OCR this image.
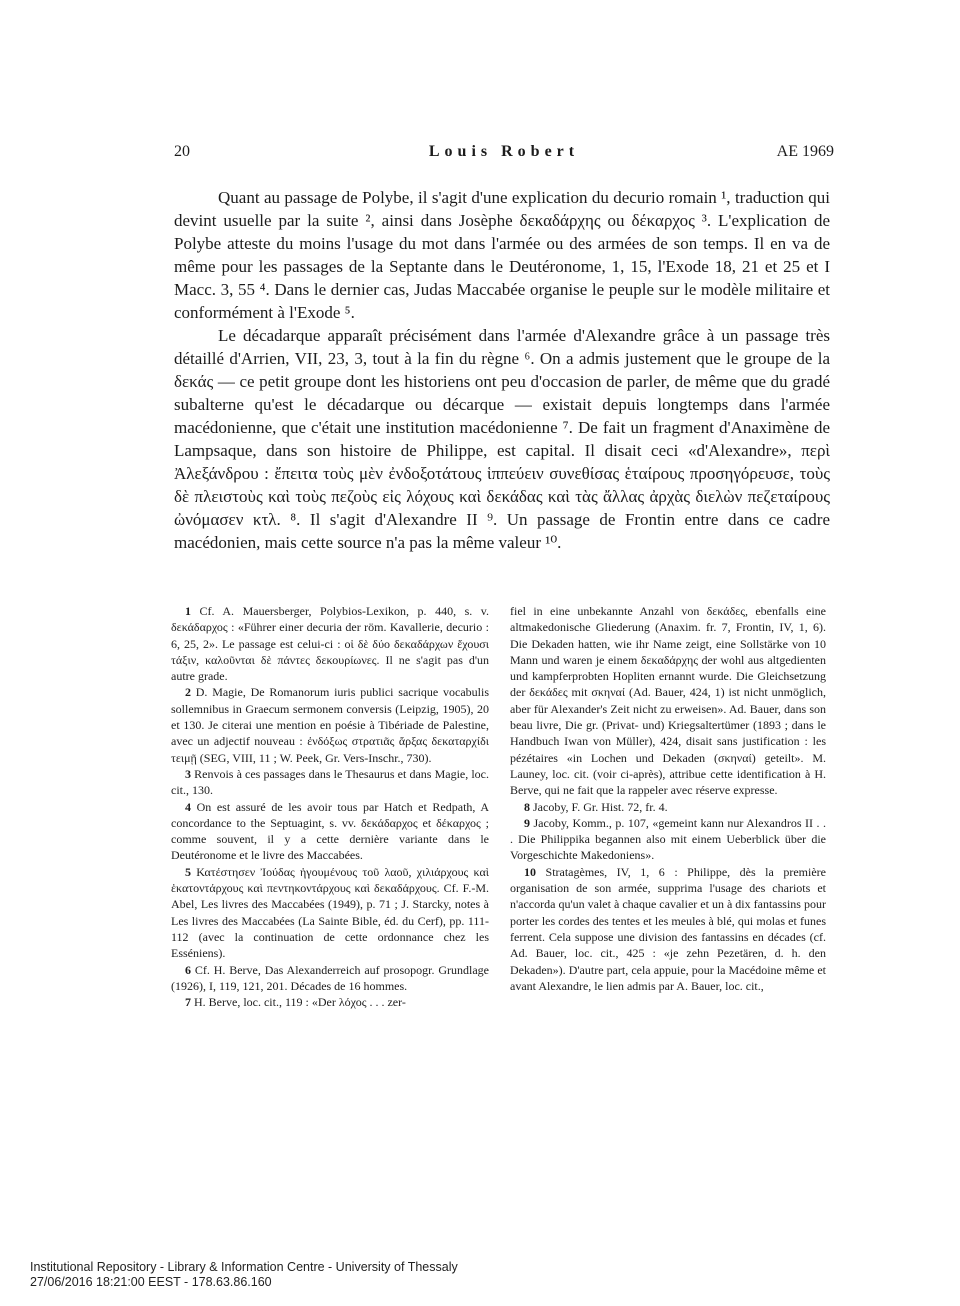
20	Louis Robert	AE 1969

Quant au passage de Polybe, il s'agit d'une explication du decurio romain ¹, traduction qui devint usuelle par la suite ², ainsi dans Josèphe δεκαδάρχης ou δέκαρχος ³. L'explication de Polybe atteste du moins l'usage du mot dans l'armée ou des armées de son temps. Il en va de même pour les passages de la Septante dans le Deutéronome, 1, 15, l'Exode 18, 21 et 25 et I Macc. 3, 55 ⁴. Dans le dernier cas, Judas Maccabée organise le peuple sur le modèle militaire et conformément à l'Exode ⁵.

Le décadarque apparaît précisément dans l'armée d'Alexandre grâce à un passage très détaillé d'Arrien, VII, 23, 3, tout à la fin du règne ⁶. On a admis justement que le groupe de la δεκάς — ce petit groupe dont les historiens ont peu d'occasion de parler, de même que du gradé subalterne qu'est le décadarque ou décarque — existait depuis longtemps dans l'armée macédonienne, que c'était une institution macédonienne ⁷. De fait un fragment d'Anaximène de Lampsaque, dans son histoire de Philippe, est capital. Il disait ceci «d'Alexandre», περὶ Ἀλεξάνδρου : ἔπειτα τοὺς μὲν ἐνδοξοτάτους ἱππεύειν συνεθίσας ἑταίρους προσηγόρευσε, τοὺς δὲ πλειστοὺς καὶ τοὺς πεζοὺς εἰς λόχους καὶ δεκάδας καὶ τὰς ἄλλας ἀρχὰς διελὼν πεζεταίρους ὠνόμασεν κτλ. ⁸. Il s'agit d'Alexandre II ⁹. Un passage de Frontin entre dans ce cadre macédonien, mais cette source n'a pas la même valeur ¹⁰.

1 Cf. A. Mauersberger, Polybios-Lexikon, p. 440, s. v. δεκάδαρχος : «Führer einer decuria der röm. Kavallerie, decurio : 6, 25, 2». Le passage est celui-ci : οἱ δὲ δύο δεκαδάρχων ἔχουσι τάξιν, καλοῦνται δὲ πάντες δεκουρίωνες. Il ne s'agit pas d'un autre grade.

2 D. Magie, De Romanorum iuris publici sacrique vocabulis sollemnibus in Graecum sermonem conversis (Leipzig, 1905), 20 et 130. Je citerai une mention en poésie à Tibériade de Palestine, avec un adjectif nouveau : ἐνδόξως στρατιᾶς ἄρξας δεκαταρχίδι τειμῇ (SEG, VIII, 11 ; W. Peek, Gr. Vers-Inschr., 730).

3 Renvois à ces passages dans le Thesaurus et dans Magie, loc. cit., 130.

4 On est assuré de les avoir tous par Hatch et Redpath, A concordance to the Septuagint, s. vv. δεκάδαρχος et δέκαρχος ; comme souvent, il y a cette dernière variante dans le Deutéronome et le livre des Maccabées.

5 Κατέστησεν Ἰούδας ἡγουμένους τοῦ λαοῦ, χιλιάρχους καὶ ἑκατοντάρχους καὶ πεντηκοντάρχους καὶ δεκαδάρχους. Cf. F.-M. Abel, Les livres des Maccabées (1949), p. 71 ; J. Starcky, notes à Les livres des Maccabées (La Sainte Bible, éd. du Cerf), pp. 111-112 (avec la continuation de cette ordonnance chez les Esséniens).

6 Cf. H. Berve, Das Alexanderreich auf prosopogr. Grundlage (1926), I, 119, 121, 201. Décades de 16 hommes.

7 H. Berve, loc. cit., 119 : «Der λόχος . . . zer-

fiel in eine unbekannte Anzahl von δεκάδες, ebenfalls eine altmakedonische Gliederung (Anaxim. fr. 7, Frontin, IV, 1, 6). Die Dekaden hatten, wie ihr Name zeigt, eine Sollstärke von 10 Mann und waren je einem δεκαδάρχης der wohl aus altgedienten und kampferprobten Hopliten ernannt wurde. Die Gleichsetzung der δεκάδες mit σκηναί (Ad. Bauer, 424, 1) ist nicht unmöglich, aber für Alexander's Zeit nicht zu erweisen». Ad. Bauer, dans son beau livre, Die gr. (Privat- und) Kriegsaltertümer (1893 ; dans le Handbuch Iwan von Müller), 424, disait sans justification : les pézétaires «in Lochen und Dekaden (σκηναί) geteilt». M. Launey, loc. cit. (voir ci-après), attribue cette identification à H. Berve, qui ne fait que la rappeler avec réserve expresse.

8 Jacoby, F. Gr. Hist. 72, fr. 4.

9 Jacoby, Komm., p. 107, «gemeint kann nur Alexandros II . . . Die Philippika begannen also mit einem Ueberblick über die Vorgeschichte Makedoniens».

10 Stratagèmes, IV, 1, 6 : Philippe, dès la première organisation de son armée, supprima l'usage des chariots et n'accorda qu'un valet à chaque cavalier et un à dix fantassins pour porter les cordes des tentes et les meules à blé, qui molas et funes ferrent. Cela suppose une division des fantassins en décades (cf. Ad. Bauer, loc. cit., 425 : «je zehn Pezetären, d. h. den Dekaden»). D'autre part, cela appuie, pour la Macédoine même et avant Alexandre, le lien admis par A. Bauer, loc. cit.,

Institutional Repository - Library & Information Centre - University of Thessaly
27/06/2016 18:21:00 EEST - 178.63.86.160
